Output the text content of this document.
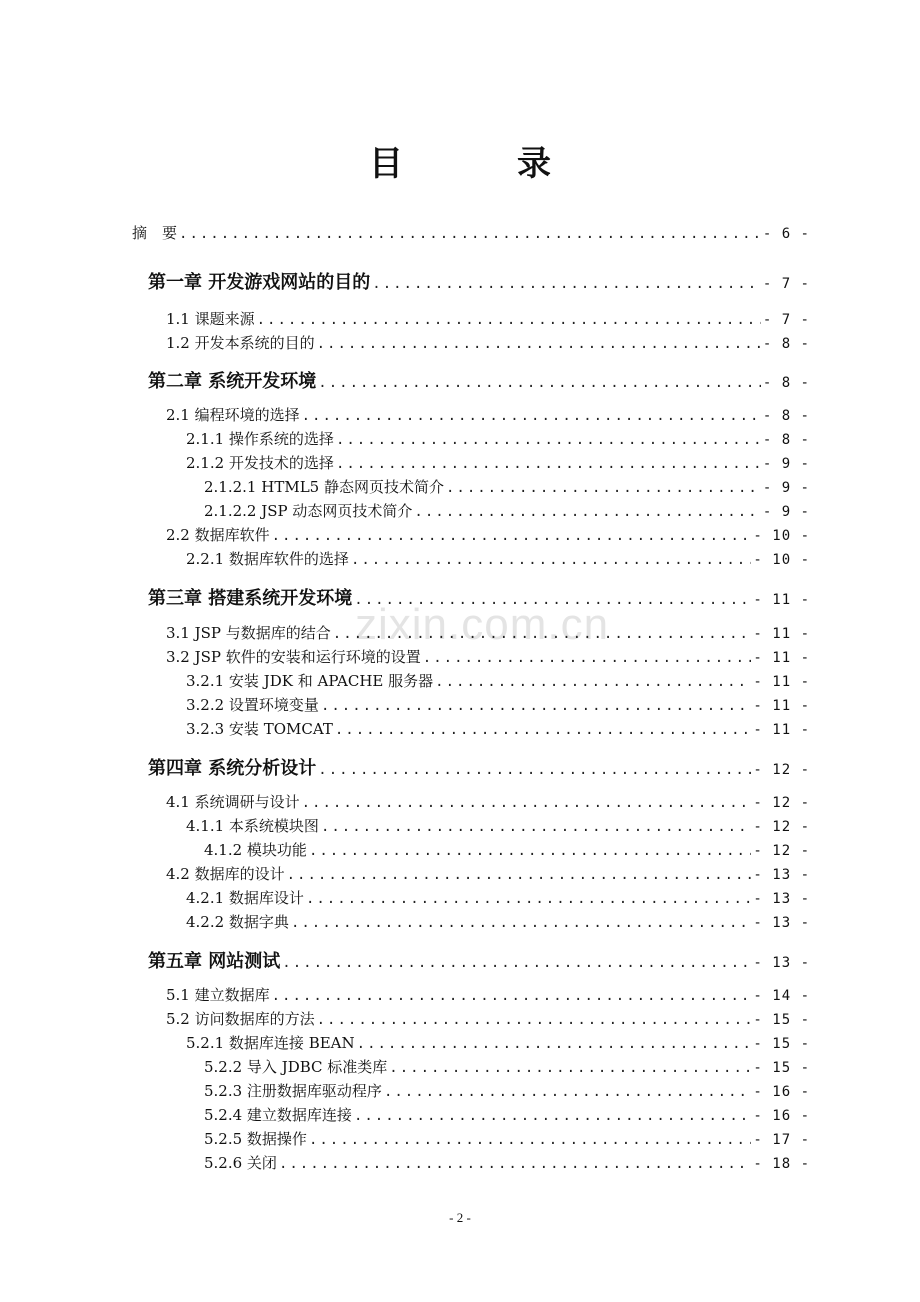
zixin.com.cn
目　录
摘　要 .....	- 6 -
第一章 开发游戏网站的目的 .....	- 7 -
1.1 课题来源 .....	- 7 -
1.2 开发本系统的目的 .....	- 8 -
第二章 系统开发环境 .....	- 8 -
2.1 编程环境的选择 .....	- 8 -
2.1.1 操作系统的选择 .....	- 8 -
2.1.2 开发技术的选择 .....	- 9 -
2.1.2.1 HTML5 静态网页技术简介 .....	- 9 -
2.1.2.2 JSP 动态网页技术简介 .....	- 9 -
2.2 数据库软件 .....	- 10 -
2.2.1 数据库软件的选择 .....	- 10 -
第三章 搭建系统开发环境 .....	- 11 -
3.1 JSP 与数据库的结合 .....	- 11 -
3.2 JSP 软件的安装和运行环境的设置 .....	- 11 -
3.2.1 安装 JDK 和 APACHE 服务器 .....	- 11 -
3.2.2 设置环境变量 .....	- 11 -
3.2.3 安装 TOMCAT .....	- 11 -
第四章 系统分析设计 .....	- 12 -
4.1 系统调研与设计 .....	- 12 -
4.1.1 本系统模块图 .....	- 12 -
4.1.2 模块功能 .....	- 12 -
4.2 数据库的设计 .....	- 13 -
4.2.1 数据库设计 .....	- 13 -
4.2.2 数据字典 .....	- 13 -
第五章 网站测试 .....	- 13 -
5.1 建立数据库 .....	- 14 -
5.2 访问数据库的方法 .....	- 15 -
5.2.1 数据库连接 BEAN .....	- 15 -
5.2.2 导入 JDBC 标准类库 .....	- 15 -
5.2.3 注册数据库驱动程序 .....	- 16 -
5.2.4 建立数据库连接 .....	- 16 -
5.2.5 数据操作 .....	- 17 -
5.2.6 关闭 .....	- 18 -
- 2 -
